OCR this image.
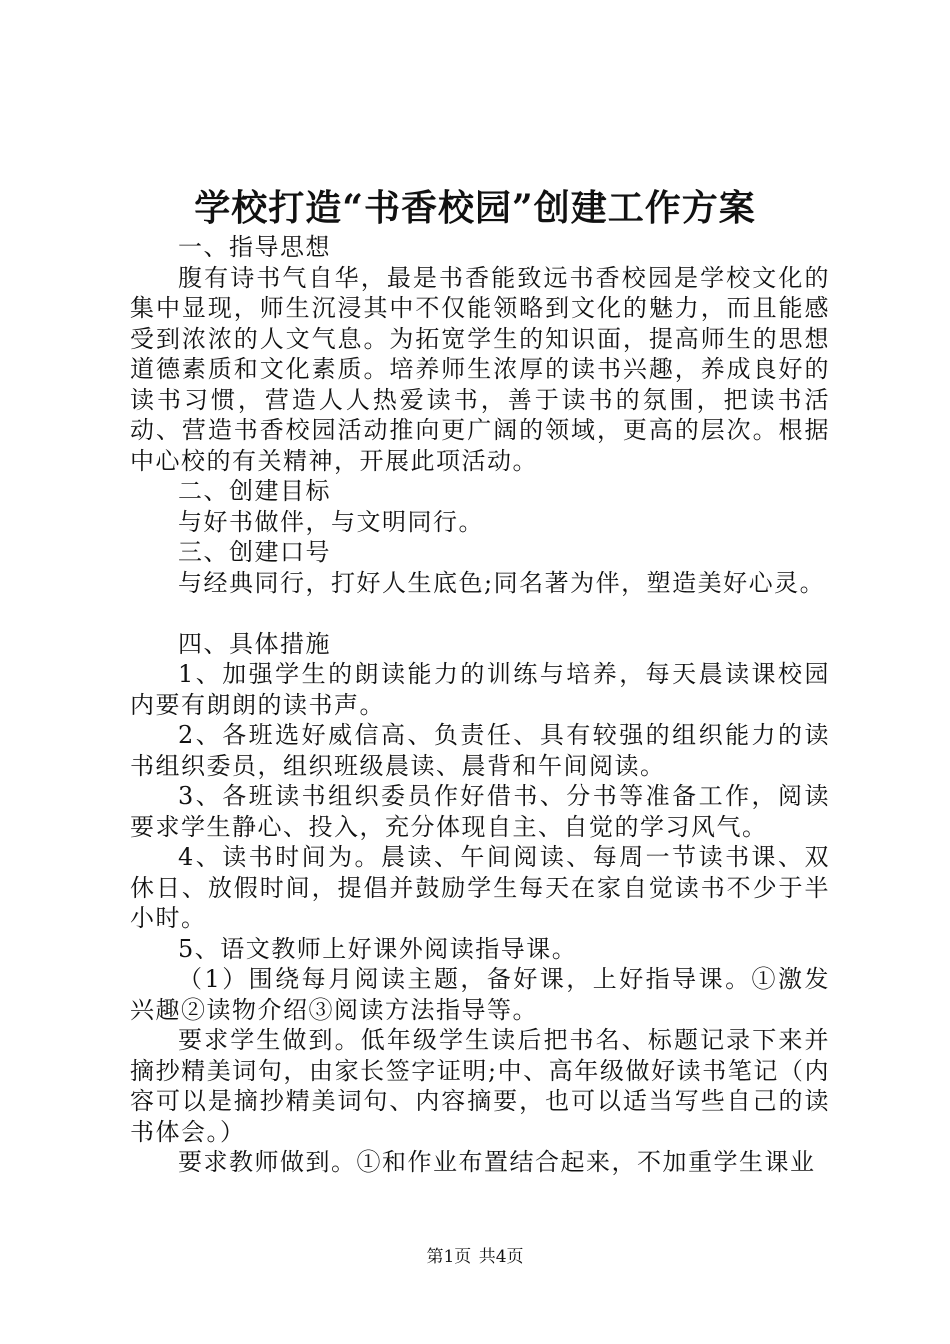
学校打造“书香校园”创建工作方案

一、指导思想

腹有诗书气自华，最是书香能致远书香校园是学校文化的集中显现，师生沉浸其中不仅能领略到文化的魅力，而且能感受到浓浓的人文气息。为拓宽学生的知识面，提高师生的思想道德素质和文化素质。培养师生浓厚的读书兴趣，养成良好的读书习惯，营造人人热爱读书，善于读书的氛围，把读书活动、营造书香校园活动推向更广阔的领域，更高的层次。根据中心校的有关精神，开展此项活动。

二、创建目标

与好书做伴，与文明同行。

三、创建口号

与经典同行，打好人生底色;同名著为伴，塑造美好心灵。

四、具体措施

1、加强学生的朗读能力的训练与培养，每天晨读课校园内要有朗朗的读书声。

2、各班选好威信高、负责任、具有较强的组织能力的读书组织委员，组织班级晨读、晨背和午间阅读。

3、各班读书组织委员作好借书、分书等准备工作，阅读要求学生静心、投入，充分体现自主、自觉的学习风气。

4、读书时间为。晨读、午间阅读、每周一节读书课、双休日、放假时间，提倡并鼓励学生每天在家自觉读书不少于半小时。

5、语文教师上好课外阅读指导课。

（1）围绕每月阅读主题，备好课，上好指导课。①激发兴趣②读物介绍③阅读方法指导等。

要求学生做到。低年级学生读后把书名、标题记录下来并摘抄精美词句，由家长签字证明;中、高年级做好读书笔记（内容可以是摘抄精美词句、内容摘要，也可以适当写些自己的读书体会。）

要求教师做到。①和作业布置结合起来，不加重学生课业

第1页 共4页
